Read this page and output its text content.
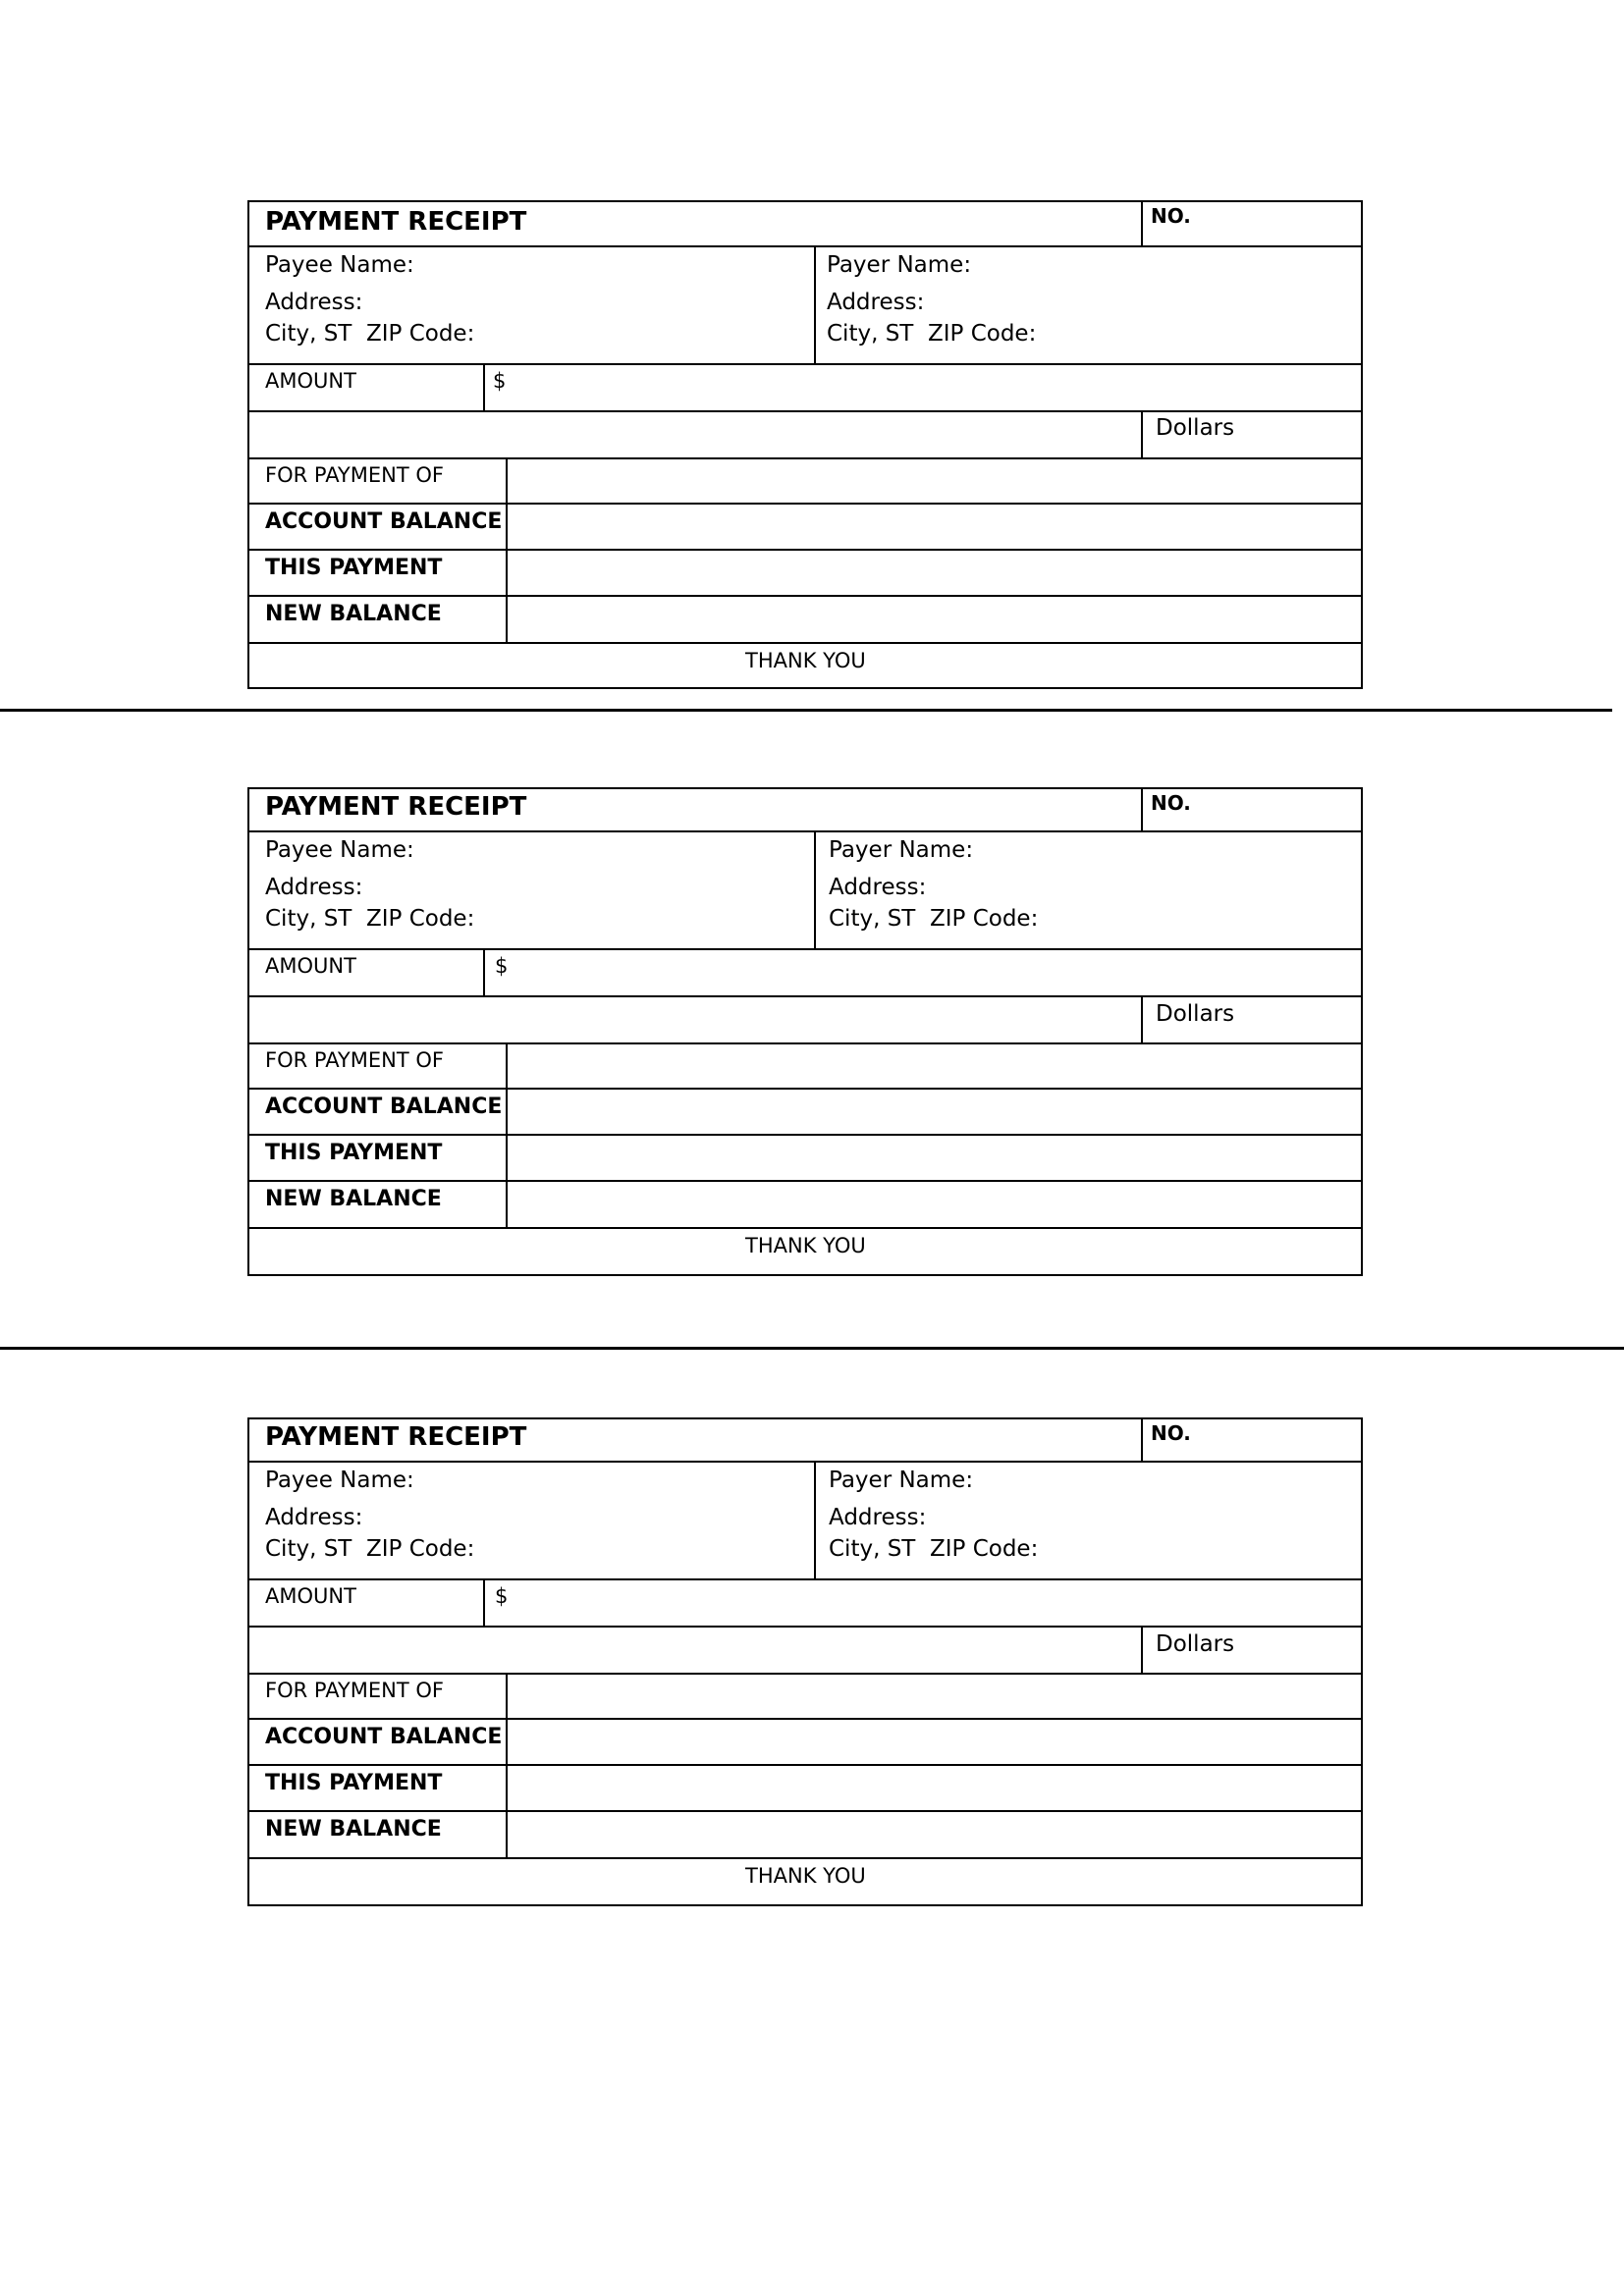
PAYMENT RECEIPT	NO.
Payee Name:
Address:
City, ST  ZIP Code:
Payer Name:
Address:
City, ST  ZIP Code:
AMOUNT	$
Dollars
FOR PAYMENT OF
ACCOUNT BALANCE
THIS PAYMENT
NEW BALANCE
THANK YOU
PAYMENT RECEIPT	NO.
Payee Name:
Address:
City, ST  ZIP Code:
Payer Name:
Address:
City, ST  ZIP Code:
AMOUNT	$
Dollars
FOR PAYMENT OF
ACCOUNT BALANCE
THIS PAYMENT
NEW BALANCE
THANK YOU
PAYMENT RECEIPT	NO.
Payee Name:
Address:
City, ST  ZIP Code:
Payer Name:
Address:
City, ST  ZIP Code:
AMOUNT	$
Dollars
FOR PAYMENT OF
ACCOUNT BALANCE
THIS PAYMENT
NEW BALANCE
THANK YOU
